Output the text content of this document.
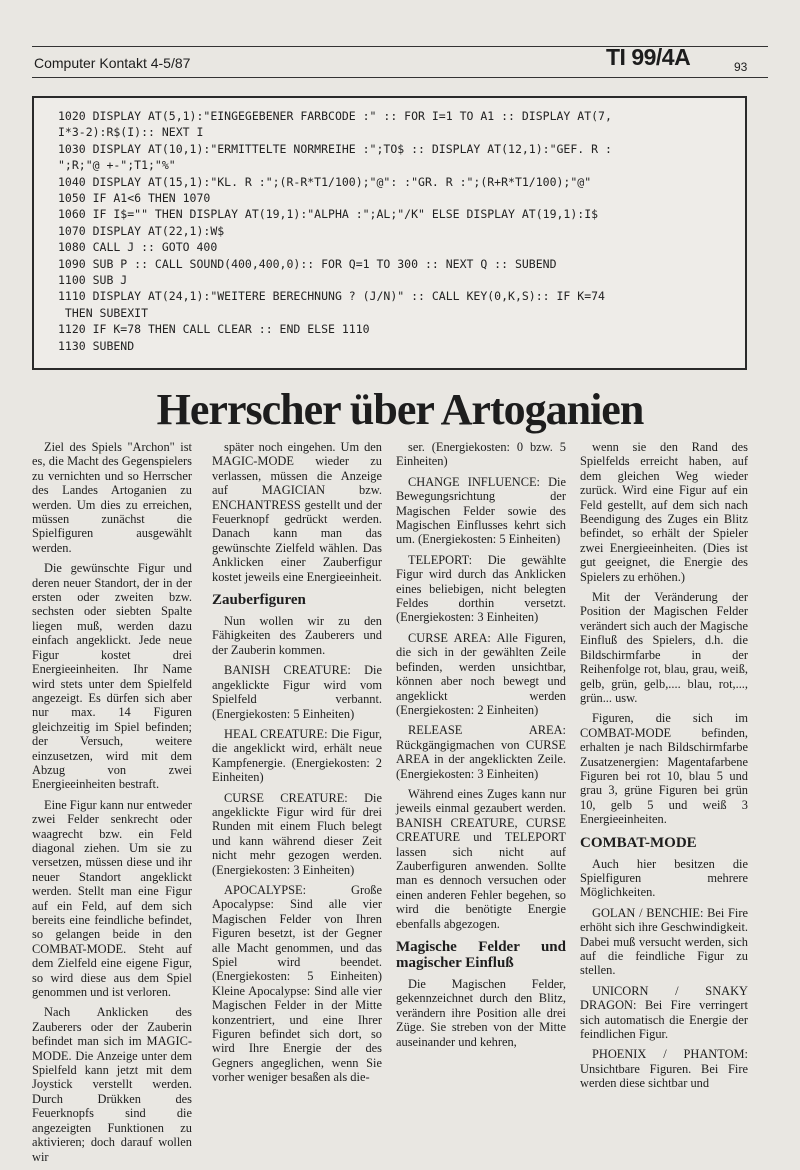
Computer Kontakt 4-5/87	TI 99/4A	93
1020 DISPLAY AT(5,1):"EINGEGEBENER FARBCODE :" :: FOR I=1 TO A1 :: DISPLAY AT(7,
I*3-2):R$(I):: NEXT I
1030 DISPLAY AT(10,1):"ERMITTELTE NORMREIHE :";TO$ :: DISPLAY AT(12,1):"GEF. R :
";R;"@ +-";T1;"%"
1040 DISPLAY AT(15,1):"KL. R :";(R-R*T1/100);"@": :"GR. R :";(R+R*T1/100);"@"
1050 IF A1<6 THEN 1070
1060 IF I$="" THEN DISPLAY AT(19,1):"ALPHA :";AL;"/K" ELSE DISPLAY AT(19,1):I$
1070 DISPLAY AT(22,1):W$
1080 CALL J :: GOTO 400
1090 SUB P :: CALL SOUND(400,400,0):: FOR Q=1 TO 300 :: NEXT Q :: SUBEND
1100 SUB J
1110 DISPLAY AT(24,1):"WEITERE BERECHNUNG ? (J/N)" :: CALL KEY(0,K,S):: IF K=74
THEN SUBEXIT
1120 IF K=78 THEN CALL CLEAR :: END ELSE 1110
1130 SUBEND
Herrscher über Artoganien

Ziel des Spiels "Archon" ist es, die Macht des Gegenspielers zu vernichten und so Herrscher des Landes Artoganien zu werden. Um dies zu erreichen, müssen zunächst die Spielfiguren ausgewählt werden.

Die gewünschte Figur und deren neuer Standort, der in der ersten oder zweiten bzw. sechsten oder siebten Spalte liegen muß, werden dazu einfach angeklickt. Jede neue Figur kostet drei Energieeinheiten. Ihr Name wird stets unter dem Spielfeld angezeigt. Es dürfen sich aber nur max. 14 Figuren gleichzeitig im Spiel befinden; der Versuch, weitere einzusetzen, wird mit dem Abzug von zwei Energieeinheiten bestraft.

Eine Figur kann nur entweder zwei Felder senkrecht oder waagrecht bzw. ein Feld diagonal ziehen. Um sie zu versetzen, müssen diese und ihr neuer Standort angeklickt werden. Stellt man eine Figur auf ein Feld, auf dem sich bereits eine feindliche befindet, so gelangen beide in den COMBAT-MODE. Steht auf dem Zielfeld eine eigene Figur, so wird diese aus dem Spiel genommen und ist verloren.

Nach Anklicken des Zauberers oder der Zauberin befindet man sich im MAGIC-MODE. Die Anzeige unter dem Spielfeld kann jetzt mit dem Joystick verstellt werden. Durch Drükken des Feuerknopfs sind die angezeigten Funktionen zu aktivieren; doch darauf wollen wir

später noch eingehen. Um den MAGIC-MODE wieder zu verlassen, müssen die Anzeige auf MAGICIAN bzw. ENCHANTRESS gestellt und der Feuerknopf gedrückt werden. Danach kann man das gewünschte Zielfeld wählen. Das Anklicken einer Zauberfigur kostet jeweils eine Energieeinheit.

Zauberfiguren

Nun wollen wir zu den Fähigkeiten des Zauberers und der Zauberin kommen.

BANISH CREATURE: Die angeklickte Figur wird vom Spielfeld verbannt. (Energiekosten: 5 Einheiten)

HEAL CREATURE: Die Figur, die angeklickt wird, erhält neue Kampfenergie. (Energiekosten: 2 Einheiten)

CURSE CREATURE: Die angeklickte Figur wird für drei Runden mit einem Fluch belegt und kann während dieser Zeit nicht mehr gezogen werden. (Energiekosten: 3 Einheiten)

APOCALYPSE: Große Apocalypse: Sind alle vier Magischen Felder von Ihren Figuren besetzt, ist der Gegner alle Macht genommen, und das Spiel wird beendet. (Energiekosten: 5 Einheiten) Kleine Apocalypse: Sind alle vier Magischen Felder in der Mitte konzentriert, und eine Ihrer Figuren befindet sich dort, so wird Ihre Energie der des Gegners angeglichen, wenn Sie vorher weniger besaßen als die-

ser. (Energiekosten: 0 bzw. 5 Einheiten)

CHANGE INFLUENCE: Die Bewegungsrichtung der Magischen Felder sowie des Magischen Einflusses kehrt sich um. (Energiekosten: 5 Einheiten)

TELEPORT: Die gewählte Figur wird durch das Anklicken eines beliebigen, nicht belegten Feldes dorthin versetzt. (Energiekosten: 3 Einheiten)

CURSE AREA: Alle Figuren, die sich in der gewählten Zeile befinden, werden unsichtbar, können aber noch bewegt und angeklickt werden (Energiekosten: 2 Einheiten)

RELEASE AREA: Rückgängigmachen von CURSE AREA in der angeklickten Zeile. (Energiekosten: 3 Einheiten)

Während eines Zuges kann nur jeweils einmal gezaubert werden. BANISH CREATURE, CURSE CREATURE und TELEPORT lassen sich nicht auf Zauberfiguren anwenden. Sollte man es dennoch versuchen oder einen anderen Fehler begehen, so wird die benötigte Energie ebenfalls abgezogen.

Magische Felder und magischer Einfluß

Die Magischen Felder, gekennzeichnet durch den Blitz, verändern ihre Position alle drei Züge. Sie streben von der Mitte auseinander und kehren,

wenn sie den Rand des Spielfelds erreicht haben, auf dem gleichen Weg wieder zurück. Wird eine Figur auf ein Feld gestellt, auf dem sich nach Beendigung des Zuges ein Blitz befindet, so erhält der Spieler zwei Energieeinheiten. (Dies ist gut geeignet, die Energie des Spielers zu erhöhen.)

Mit der Veränderung der Position der Magischen Felder verändert sich auch der Magische Einfluß des Spielers, d.h. die Bildschirmfarbe in der Reihenfolge rot, blau, grau, weiß, gelb, grün, gelb,.... blau, rot,..., grün... usw.

Figuren, die sich im COMBAT-MODE befinden, erhalten je nach Bildschirmfarbe Zusatzenergien: Magentafarbene Figuren bei rot 10, blau 5 und grau 3, grüne Figuren bei grün 10, gelb 5 und weiß 3 Energieeinheiten.

COMBAT-MODE

Auch hier besitzen die Spielfiguren mehrere Möglichkeiten.

GOLAN / BENCHIE: Bei Fire erhöht sich ihre Geschwindigkeit. Dabei muß versucht werden, sich auf die feindliche Figur zu stellen.

UNICORN / SNAKY DRAGON: Bei Fire verringert sich automatisch die Energie der feindlichen Figur.

PHOENIX / PHANTOM: Unsichtbare Figuren. Bei Fire werden diese sichtbar und
